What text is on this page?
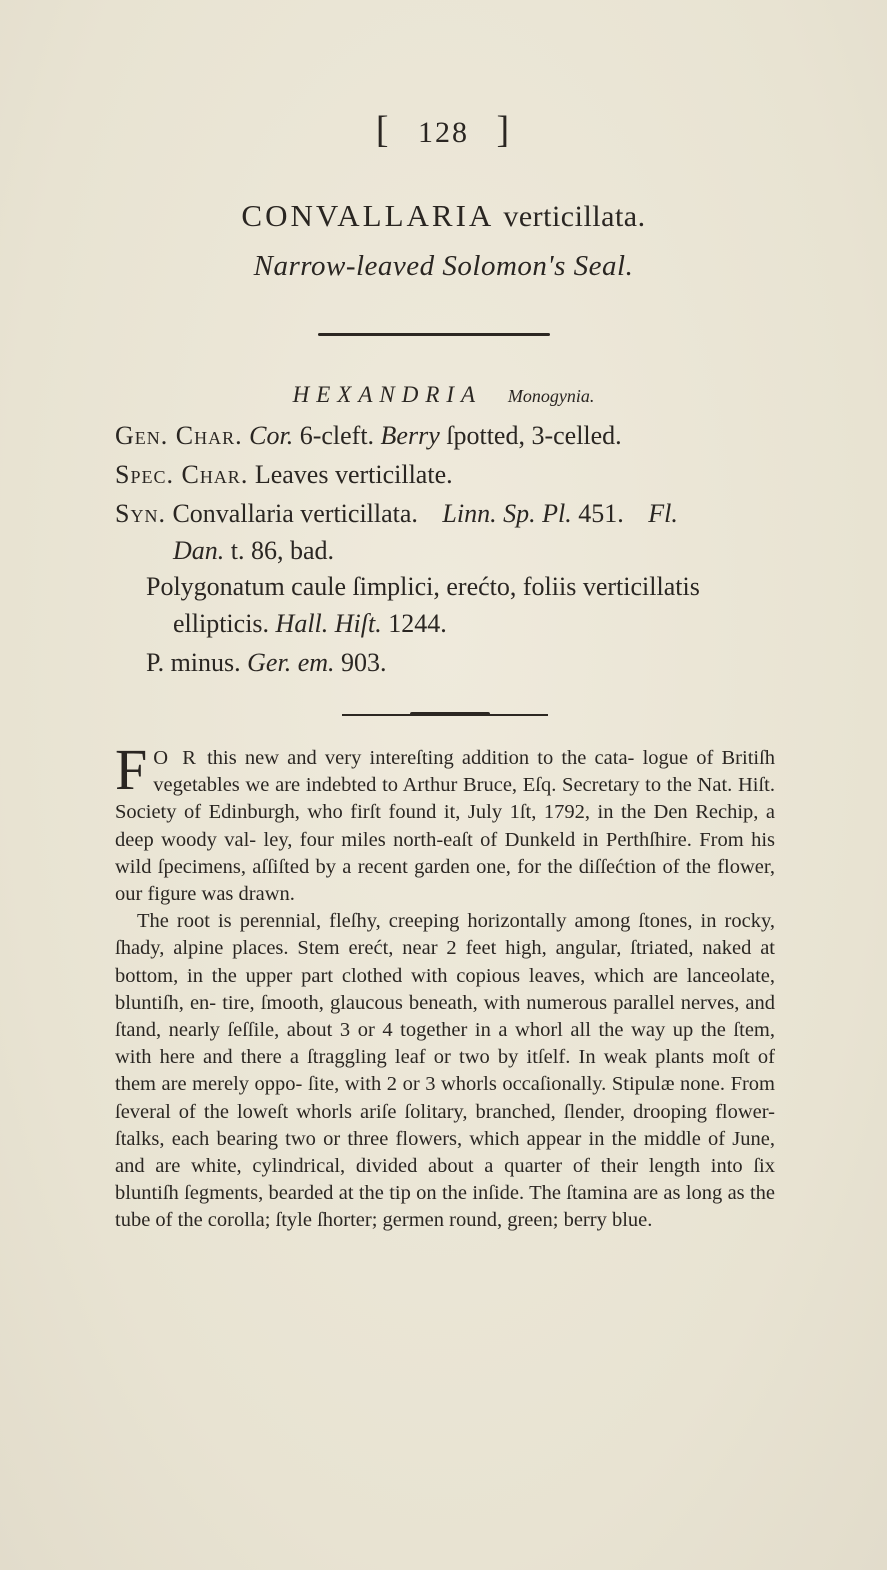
[ 128 ]
CONVALLARIA verticillata.
Narrow-leaved Solomon's Seal.
HEXANDRIA Monogynia.
Gen. Char. Cor. 6-cleft. Berry ſpotted, 3-celled.
Spec. Char. Leaves verticillate.
Syn. Convallaria verticillata. Linn. Sp. Pl. 451. Fl.
Dan. t. 86, bad.
Polygonatum caule ſimplici, erećto, foliis verticillatis
ellipticis. Hall. Hiſt. 1244.
P. minus. Ger. em. 903.

F O R this new and very intereſting addition to the cata- logue of Britiſh vegetables we are indebted to Arthur Bruce, Eſq. Secretary to the Nat. Hiſt. Society of Edinburgh, who firſt found it, July 1ſt, 1792, in the Den Rechip, a deep woody val- ley, four miles north-eaſt of Dunkeld in Perthſhire. From his wild ſpecimens, aſſiſted by a recent garden one, for the diſſećtion of the flower, our figure was drawn.

The root is perennial, fleſhy, creeping horizontally among ſtones, in rocky, ſhady, alpine places. Stem erećt, near 2 feet high, angular, ſtriated, naked at bottom, in the upper part clothed with copious leaves, which are lanceolate, bluntiſh, en- tire, ſmooth, glaucous beneath, with numerous parallel nerves, and ſtand, nearly ſeſſile, about 3 or 4 together in a whorl all the way up the ſtem, with here and there a ſtraggling leaf or two by itſelf. In weak plants moſt of them are merely oppo- ſite, with 2 or 3 whorls occaſionally. Stipulæ none. From ſeveral of the loweſt whorls ariſe ſolitary, branched, ſlender, drooping flower-ſtalks, each bearing two or three flowers, which appear in the middle of June, and are white, cylindrical, divided about a quarter of their length into ſix bluntiſh ſegments, bearded at the tip on the inſide. The ſtamina are as long as the tube of the corolla; ſtyle ſhorter; germen round, green; berry blue.
